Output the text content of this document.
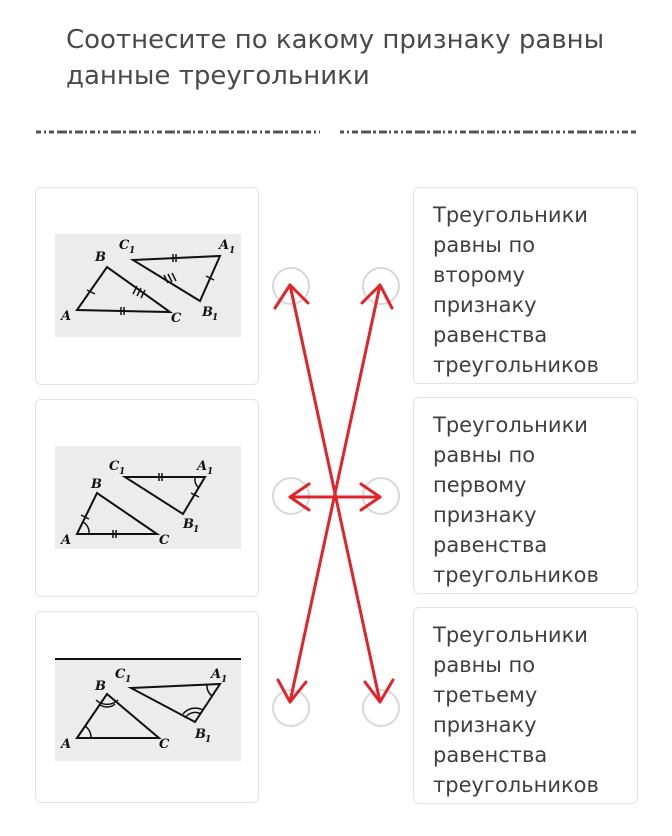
Соотнесите по какому признаку равны данные треугольники
A
B
C
C 1	A 1
B 1
A
B
C
C 1	A 1
B 1
A
B
C
C 1	A 1
B 1
Треугольники
равны по
второму
признаку
равенства
треугольников
Треугольники
равны по
первому
признаку
равенства
треугольников
Треугольники
равны по
третьему
признаку
равенства
треугольников
